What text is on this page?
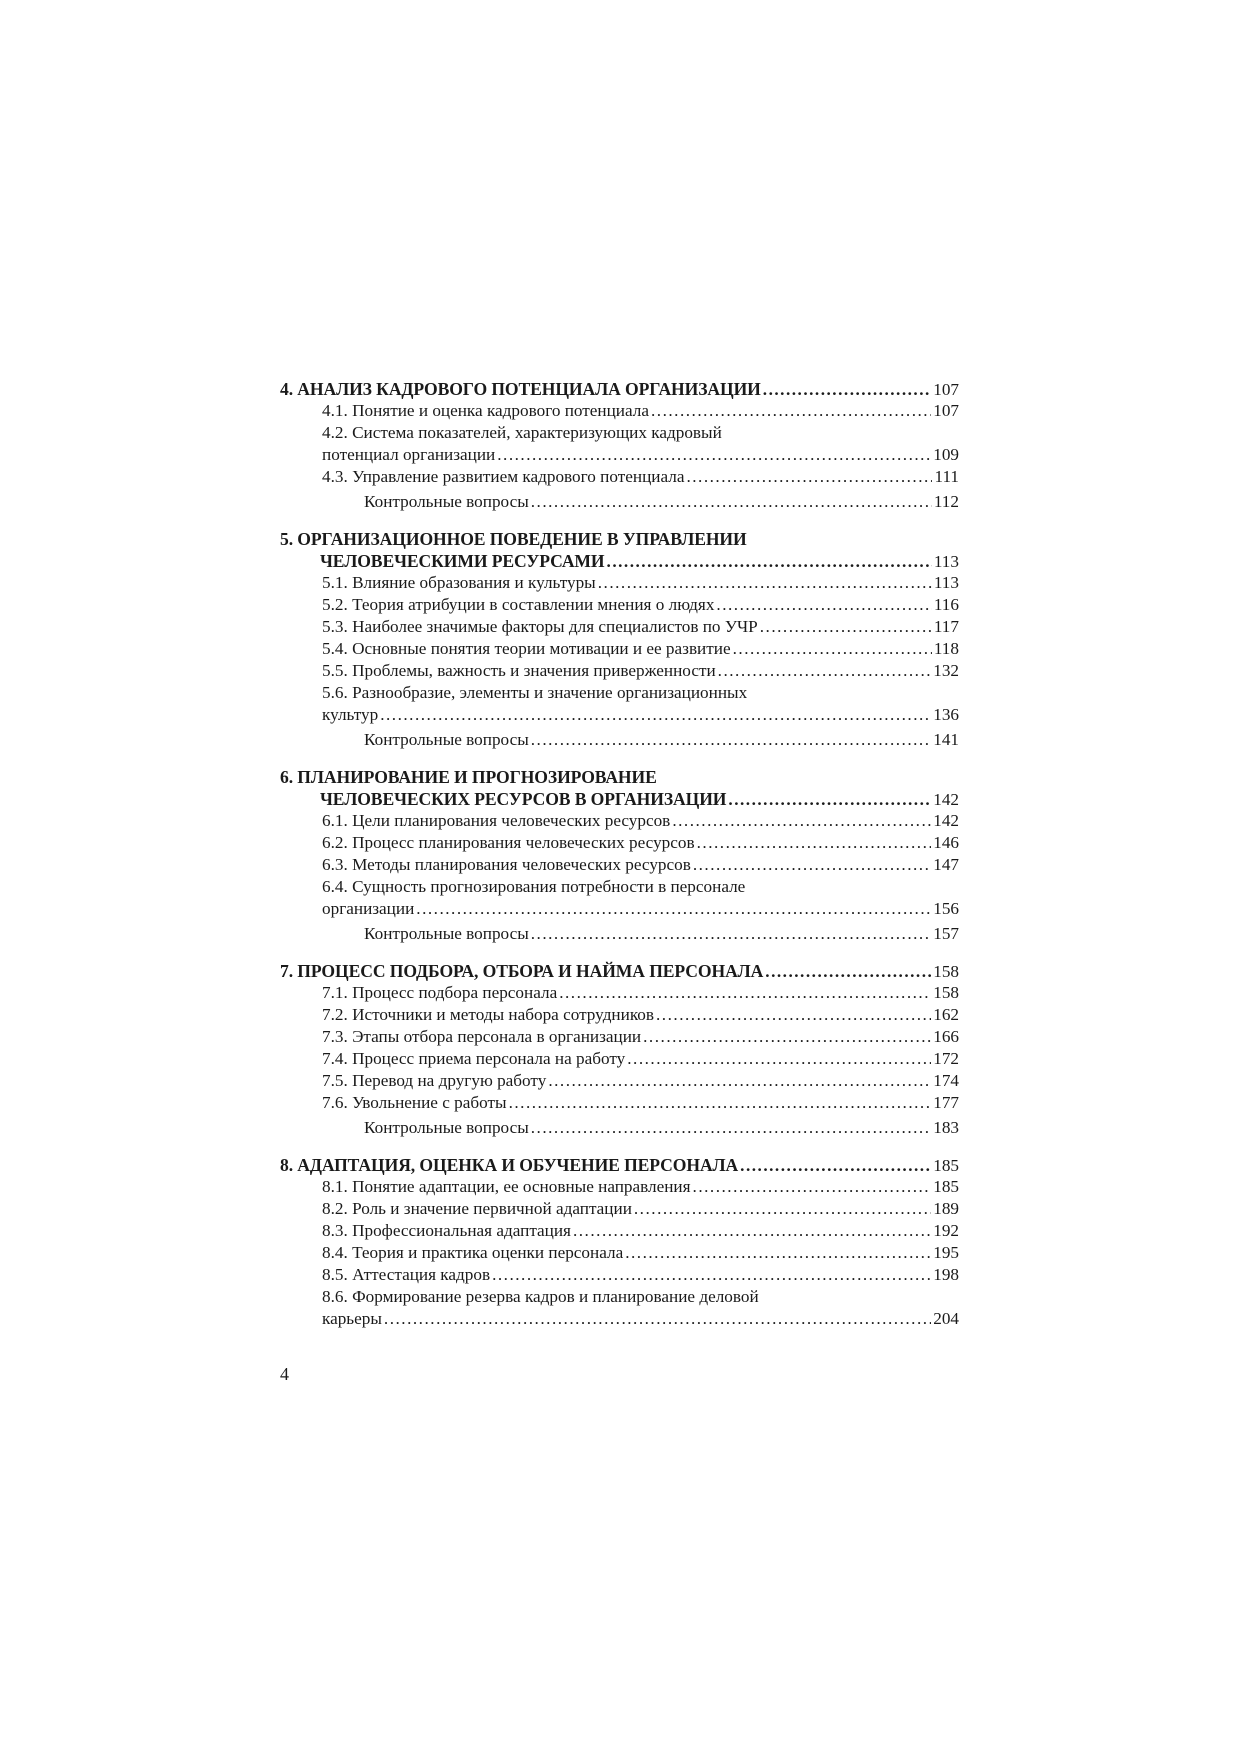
4. АНАЛИЗ КАДРОВОГО ПОТЕНЦИАЛА ОРГАНИЗАЦИИ . . .	107
4.1. Понятие и оценка кадрового потенциала . . .	107
4.2. Система показателей, характеризующих кадровый
потенциал организации . . .	109
4.3. Управление развитием кадрового потенциала . . .	111
Контрольные вопросы . . .	112
5. ОРГАНИЗАЦИОННОЕ ПОВЕДЕНИЕ В УПРАВЛЕНИИ
ЧЕЛОВЕЧЕСКИМИ РЕСУРСАМИ . . .	113
5.1. Влияние образования и культуры . . .	113
5.2. Теория атрибуции в составлении мнения о людях . . .	116
5.3. Наиболее значимые факторы для специалистов по УЧР . . .	117
5.4. Основные понятия теории мотивации и ее развитие . . .	118
5.5. Проблемы, важность и значения приверженности . . .	132
5.6. Разнообразие, элементы и значение организационных
культур . . .	136
Контрольные вопросы . . .	141
6. ПЛАНИРОВАНИЕ И ПРОГНОЗИРОВАНИЕ
ЧЕЛОВЕЧЕСКИХ РЕСУРСОВ В ОРГАНИЗАЦИИ . . .	142
6.1. Цели планирования человеческих ресурсов . . .	142
6.2. Процесс планирования человеческих ресурсов . . .	146
6.3. Методы планирования человеческих ресурсов . . .	147
6.4. Сущность прогнозирования потребности в персонале
организации . . .	156
Контрольные вопросы . . .	157
7. ПРОЦЕСС ПОДБОРА, ОТБОРА И НАЙМА ПЕРСОНАЛА . . .	158
7.1. Процесс подбора персонала . . .	158
7.2. Источники и методы набора сотрудников . . .	162
7.3. Этапы отбора персонала в организации . . .	166
7.4. Процесс приема персонала на работу . . .	172
7.5. Перевод на другую работу . . .	174
7.6. Увольнение с работы . . .	177
Контрольные вопросы . . .	183
8. АДАПТАЦИЯ, ОЦЕНКА И ОБУЧЕНИЕ ПЕРСОНАЛА . . .	185
8.1. Понятие адаптации, ее основные направления . . .	185
8.2. Роль и значение первичной адаптации . . .	189
8.3. Профессиональная адаптация . . .	192
8.4. Теория и практика оценки персонала . . .	195
8.5. Аттестация кадров . . .	198
8.6. Формирование резерва кадров и планирование деловой
карьеры . . .	204
4
